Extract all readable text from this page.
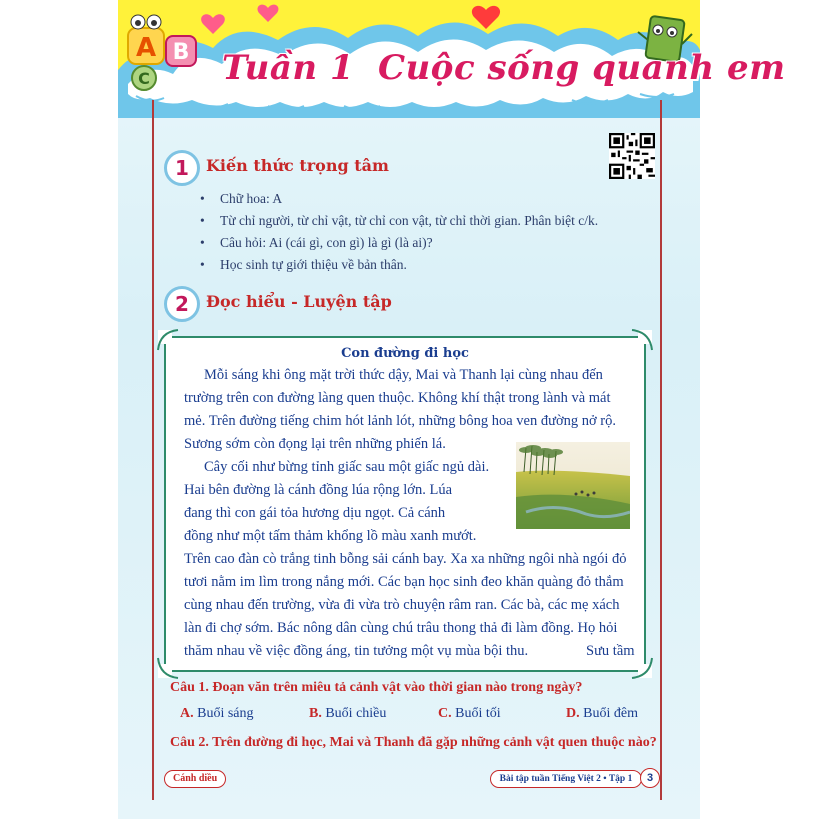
A B
C Tuần 1 Cuộc sống quanh em
1	Kiến thức trọng tâm
• Chữ hoa: A
• Từ chỉ người, từ chỉ vật, từ chỉ con vật, từ chỉ thời gian. Phân biệt c/k.
• Câu hỏi: Ai (cái gì, con gì) là gì (là ai)?
• Học sinh tự giới thiệu về bản thân.
2	Đọc hiểu - Luyện tập
Con đường đi học
Mỗi sáng khi ông mặt trời thức dậy, Mai và Thanh lại cùng nhau đến
trường trên con đường làng quen thuộc. Không khí thật trong lành và mát
mẻ. Trên đường tiếng chim hót lảnh lót, những bông hoa ven đường nở rộ.
Sương sớm còn đọng lại trên những phiến lá.
Cây cối như bừng tỉnh giấc sau một giấc ngủ dài.
Hai bên đường là cánh đồng lúa rộng lớn. Lúa
đang thì con gái tỏa hương dịu ngọt. Cả cánh
đồng như một tấm thảm khổng lồ màu xanh mướt.
Trên cao đàn cò trắng tinh bỗng sải cánh bay. Xa xa những ngôi nhà ngói đỏ
tươi nằm im lìm trong nắng mới. Các bạn học sinh đeo khăn quàng đỏ thắm
cùng nhau đến trường, vừa đi vừa trò chuyện râm ran. Các bà, các mẹ xách
làn đi chợ sớm. Bác nông dân cùng chú trâu thong thả đi làm đồng. Họ hỏi
thăm nhau về việc đồng áng, tin tưởng một vụ mùa bội thu.	Sưu tầm
Câu 1. Đoạn văn trên miêu tả cảnh vật vào thời gian nào trong ngày?
A. Buổi sáng	B. Buổi chiều	C. Buổi tối	D. Buổi đêm
Câu 2. Trên đường đi học, Mai và Thanh đã gặp những cảnh vật quen thuộc nào?
Cánh diều	Bài tập tuần Tiếng Việt 2 • Tập 1	3
